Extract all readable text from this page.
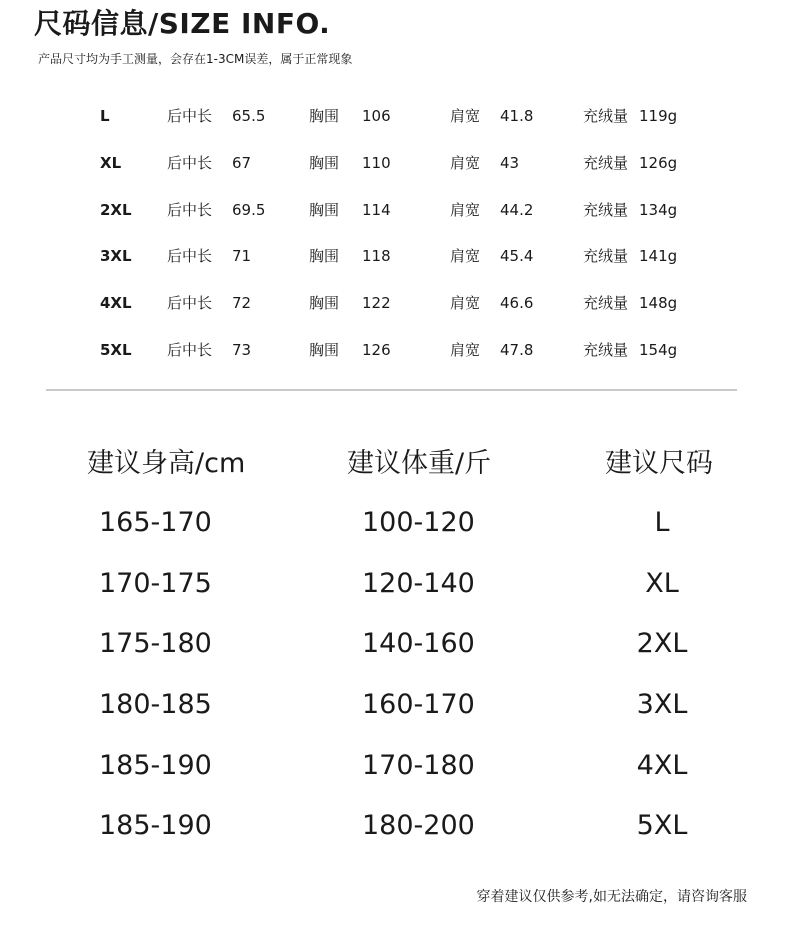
尺码信息/SIZE INFO.
产品尺寸均为手工测量，会存在1-3CM误差，属于正常现象
L	后中长 65.5	胸围 106	肩宽 41.8	充绒量 119g
XL	后中长 67	胸围 110	肩宽 43	充绒量 126g
2XL 后中长 69.5	胸围 114	肩宽 44.2	充绒量 134g
3XL 后中长 71	胸围 118	肩宽 45.4	充绒量 141g
4XL 后中长 72	胸围 122	肩宽 46.6	充绒量 148g
5XL 后中长 73	胸围 126	肩宽 47.8	充绒量 154g
建议身高/cm	建议体重/斤	建议尺码
165-170	100-120	L
170-175	120-140	XL
175-180	140-160	2XL
180-185	160-170	3XL
185-190	170-180	4XL
185-190	180-200	5XL
穿着建议仅供参考,如无法确定，请咨询客服
